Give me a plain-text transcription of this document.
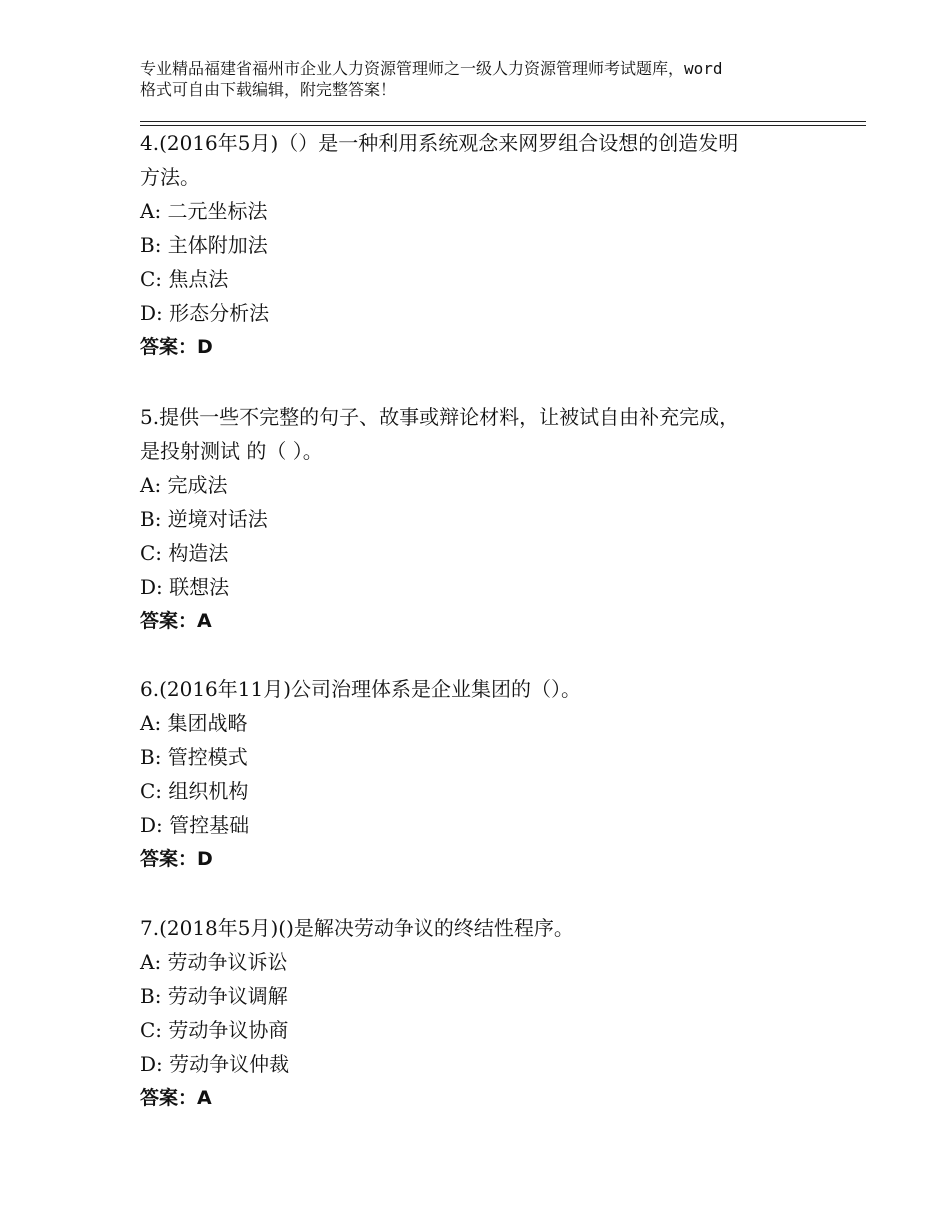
专业精品福建省福州市企业人力资源管理师之一级人力资源管理师考试题库，word
格式可自由下载编辑，附完整答案！

4.(2016年5月)（）是一种利用系统观念来网罗组合设想的创造发明
方法。

A: 二元坐标法
B: 主体附加法
C: 焦点法
D: 形态分析法
答案：D

5.提供一些不完整的句子、故事或辩论材料，让被试自由补充完成，
是投射测试 的（ ）。

A: 完成法
B: 逆境对话法
C: 构造法
D: 联想法
答案：A

6.(2016年11月)公司治理体系是企业集团的（）。

A: 集团战略
B: 管控模式
C: 组织机构
D: 管控基础
答案：D

7.(2018年5月)()是解决劳动争议的终结性程序。

A: 劳动争议诉讼
B: 劳动争议调解
C: 劳动争议协商
D: 劳动争议仲裁
答案：A
